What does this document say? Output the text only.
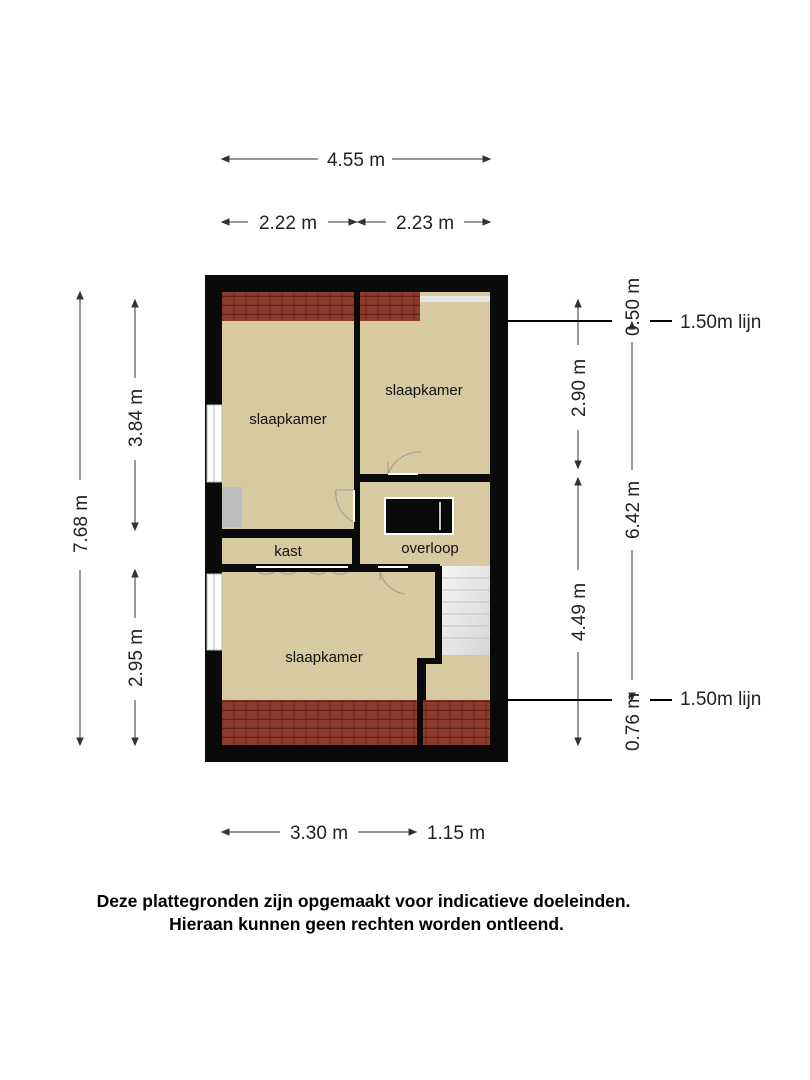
4.55 m
2.22 m	2.23 m
3.30 m	1.15 m
7.68 m
3.84 m
2.95 m
2.90 m
4.49 m
6.42 m
0.50 m
0.76 m
1.50m lijn
1.50m lijn
slaapkamer
slaapkamer
kast	overloop
slaapkamer
Deze plattegronden zijn opgemaakt voor indicatieve doeleinden.
Hieraan kunnen geen rechten worden ontleend.
